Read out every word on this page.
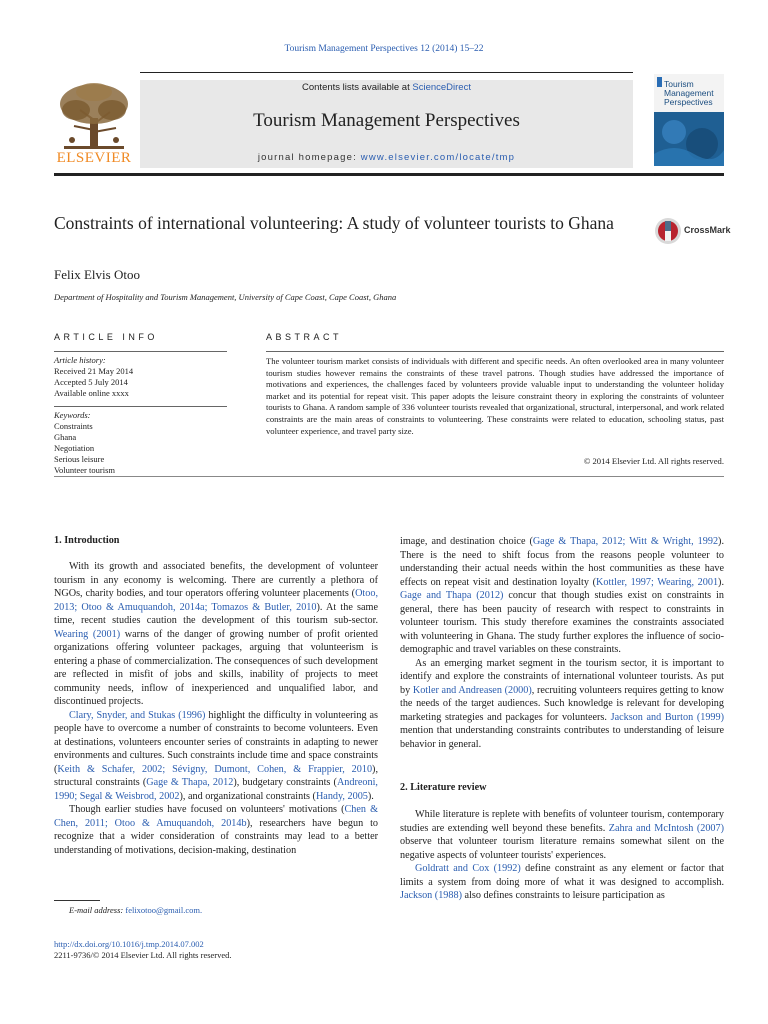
Tourism Management Perspectives 12 (2014) 15–22
ELSEVIER
Contents lists available at ScienceDirect
Tourism Management Perspectives
journal homepage: www.elsevier.com/locate/tmp
Tourism Management Perspectives
Constraints of international volunteering: A study of volunteer tourists to Ghana	CrossMark
Felix Elvis Otoo
Department of Hospitality and Tourism Management, University of Cape Coast, Cape Coast, Ghana
ARTICLE INFO
Article history:
Received 21 May 2014
Accepted 5 July 2014
Available online xxxx
Keywords:
Constraints
Ghana
Negotiation
Serious leisure
Volunteer tourism
ABSTRACT
The volunteer tourism market consists of individuals with different and specific needs. An often overlooked area in many volunteer tourism studies however remains the constraints of these travel patrons. Though studies have addressed the importance of motivations and experiences, the challenges faced by volunteers provide valuable input to understanding the volunteer holiday market and its potential for repeat visit. This paper adopts the leisure constraint theory in exploring the constraints of volunteer tourists to Ghana. A random sample of 336 volunteer tourists revealed that organizational, structural, interpersonal, and work related constraints are the main areas of constraints to volunteering. These constraints were related to education, schooling status, past volunteer experience, and travel party size.
© 2014 Elsevier Ltd. All rights reserved.
1. Introduction

With its growth and associated benefits, the development of volunteer tourism in any economy is welcoming. There are currently a plethora of NGOs, charity bodies, and tour operators offering volunteer placements (Otoo, 2013; Otoo & Amuquandoh, 2014a; Tomazos & Butler, 2010). At the same time, recent studies caution the development of this tourism sub-sector. Wearing (2001) warns of the danger of growing number of profit oriented organizations offering volunteer packages, arguing that volunteerism is entering a phase of commercialization. The consequences of such development are reflected in misfit of jobs and skills, inability of projects to meet community needs, inflow of inexperienced and unqualified labor, and discontinued projects.

Clary, Snyder, and Stukas (1996) highlight the difficulty in volunteering as people have to overcome a number of constraints to become volunteers. Even at destinations, volunteers encounter series of constraints in adapting to newer environments and cultures. Such constraints include time and space constraints (Keith & Schafer, 2002; Sévigny, Dumont, Cohen, & Frappier, 2010), structural constraints (Gage & Thapa, 2012), budgetary constraints (Andreoni, 1990; Segal & Weisbrod, 2002), and organizational constraints (Handy, 2005).

Though earlier studies have focused on volunteers' motivations (Chen & Chen, 2011; Otoo & Amuquandoh, 2014b), researchers have begun to recognize that a wider consideration of constraints may lead to a better understanding of motivations, decision-making, destination

image, and destination choice (Gage & Thapa, 2012; Witt & Wright, 1992). There is the need to shift focus from the reasons people volunteer to understanding their actual needs within the host communities as these have effects on repeat visit and destination loyalty (Kottler, 1997; Wearing, 2001). Gage and Thapa (2012) concur that though studies exist on constraints in general, there has been paucity of research with respect to constraints in volunteer tourism. This study therefore examines the constraints associated with volunteering in Ghana. The study further explores the influence of socio-demographic and travel variables on these constraints.

As an emerging market segment in the tourism sector, it is important to identify and explore the constraints of international volunteer tourists. As put by Kotler and Andreasen (2000), recruiting volunteers requires getting to know the needs of the target audiences. Such knowledge is relevant for developing marketing strategies and packages for volunteers. Jackson and Burton (1999) mention that understanding constraints contributes to understanding of leisure behavior in general.

2. Literature review

While literature is replete with benefits of volunteer tourism, contemporary studies are extending well beyond these benefits. Zahra and McIntosh (2007) observe that volunteer tourism literature remains somewhat silent on the negative aspects of volunteer tourists' experiences.

Goldratt and Cox (1992) define constraint as any element or factor that limits a system from doing more of what it was designed to accomplish. Jackson (1988) also defines constraints to leisure participation as

E-mail address: felixotoo@gmail.com.
http://dx.doi.org/10.1016/j.tmp.2014.07.002
2211-9736/© 2014 Elsevier Ltd. All rights reserved.
